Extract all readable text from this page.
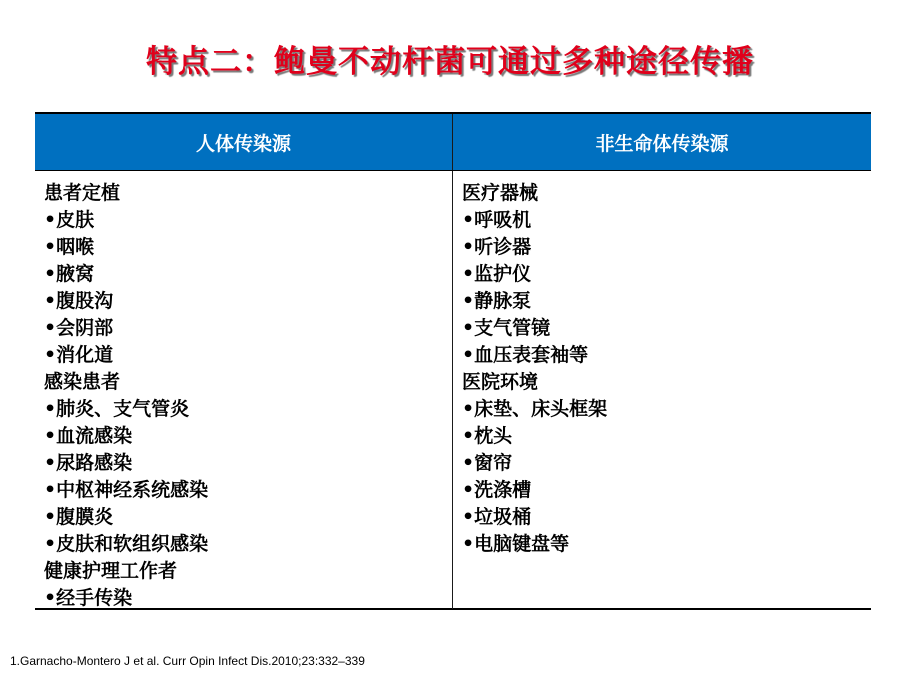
特点二：鲍曼不动杆菌可通过多种途径传播
人体传染源	非生命体传染源
患者定植
•皮肤
•咽喉
•腋窝
•腹股沟
•会阴部
•消化道
感染患者
•肺炎、支气管炎
•血流感染
•尿路感染
•中枢神经系统感染
•腹膜炎
•皮肤和软组织感染
健康护理工作者
•经手传染
医疗器械
•呼吸机
•听诊器
•监护仪
•静脉泵
•支气管镜
•血压表套袖等
医院环境
•床垫、床头框架
•枕头
•窗帘
•洗涤槽
•垃圾桶
•电脑键盘等
1.Garnacho-Montero J et al. Curr Opin Infect Dis.2010;23:332–339
